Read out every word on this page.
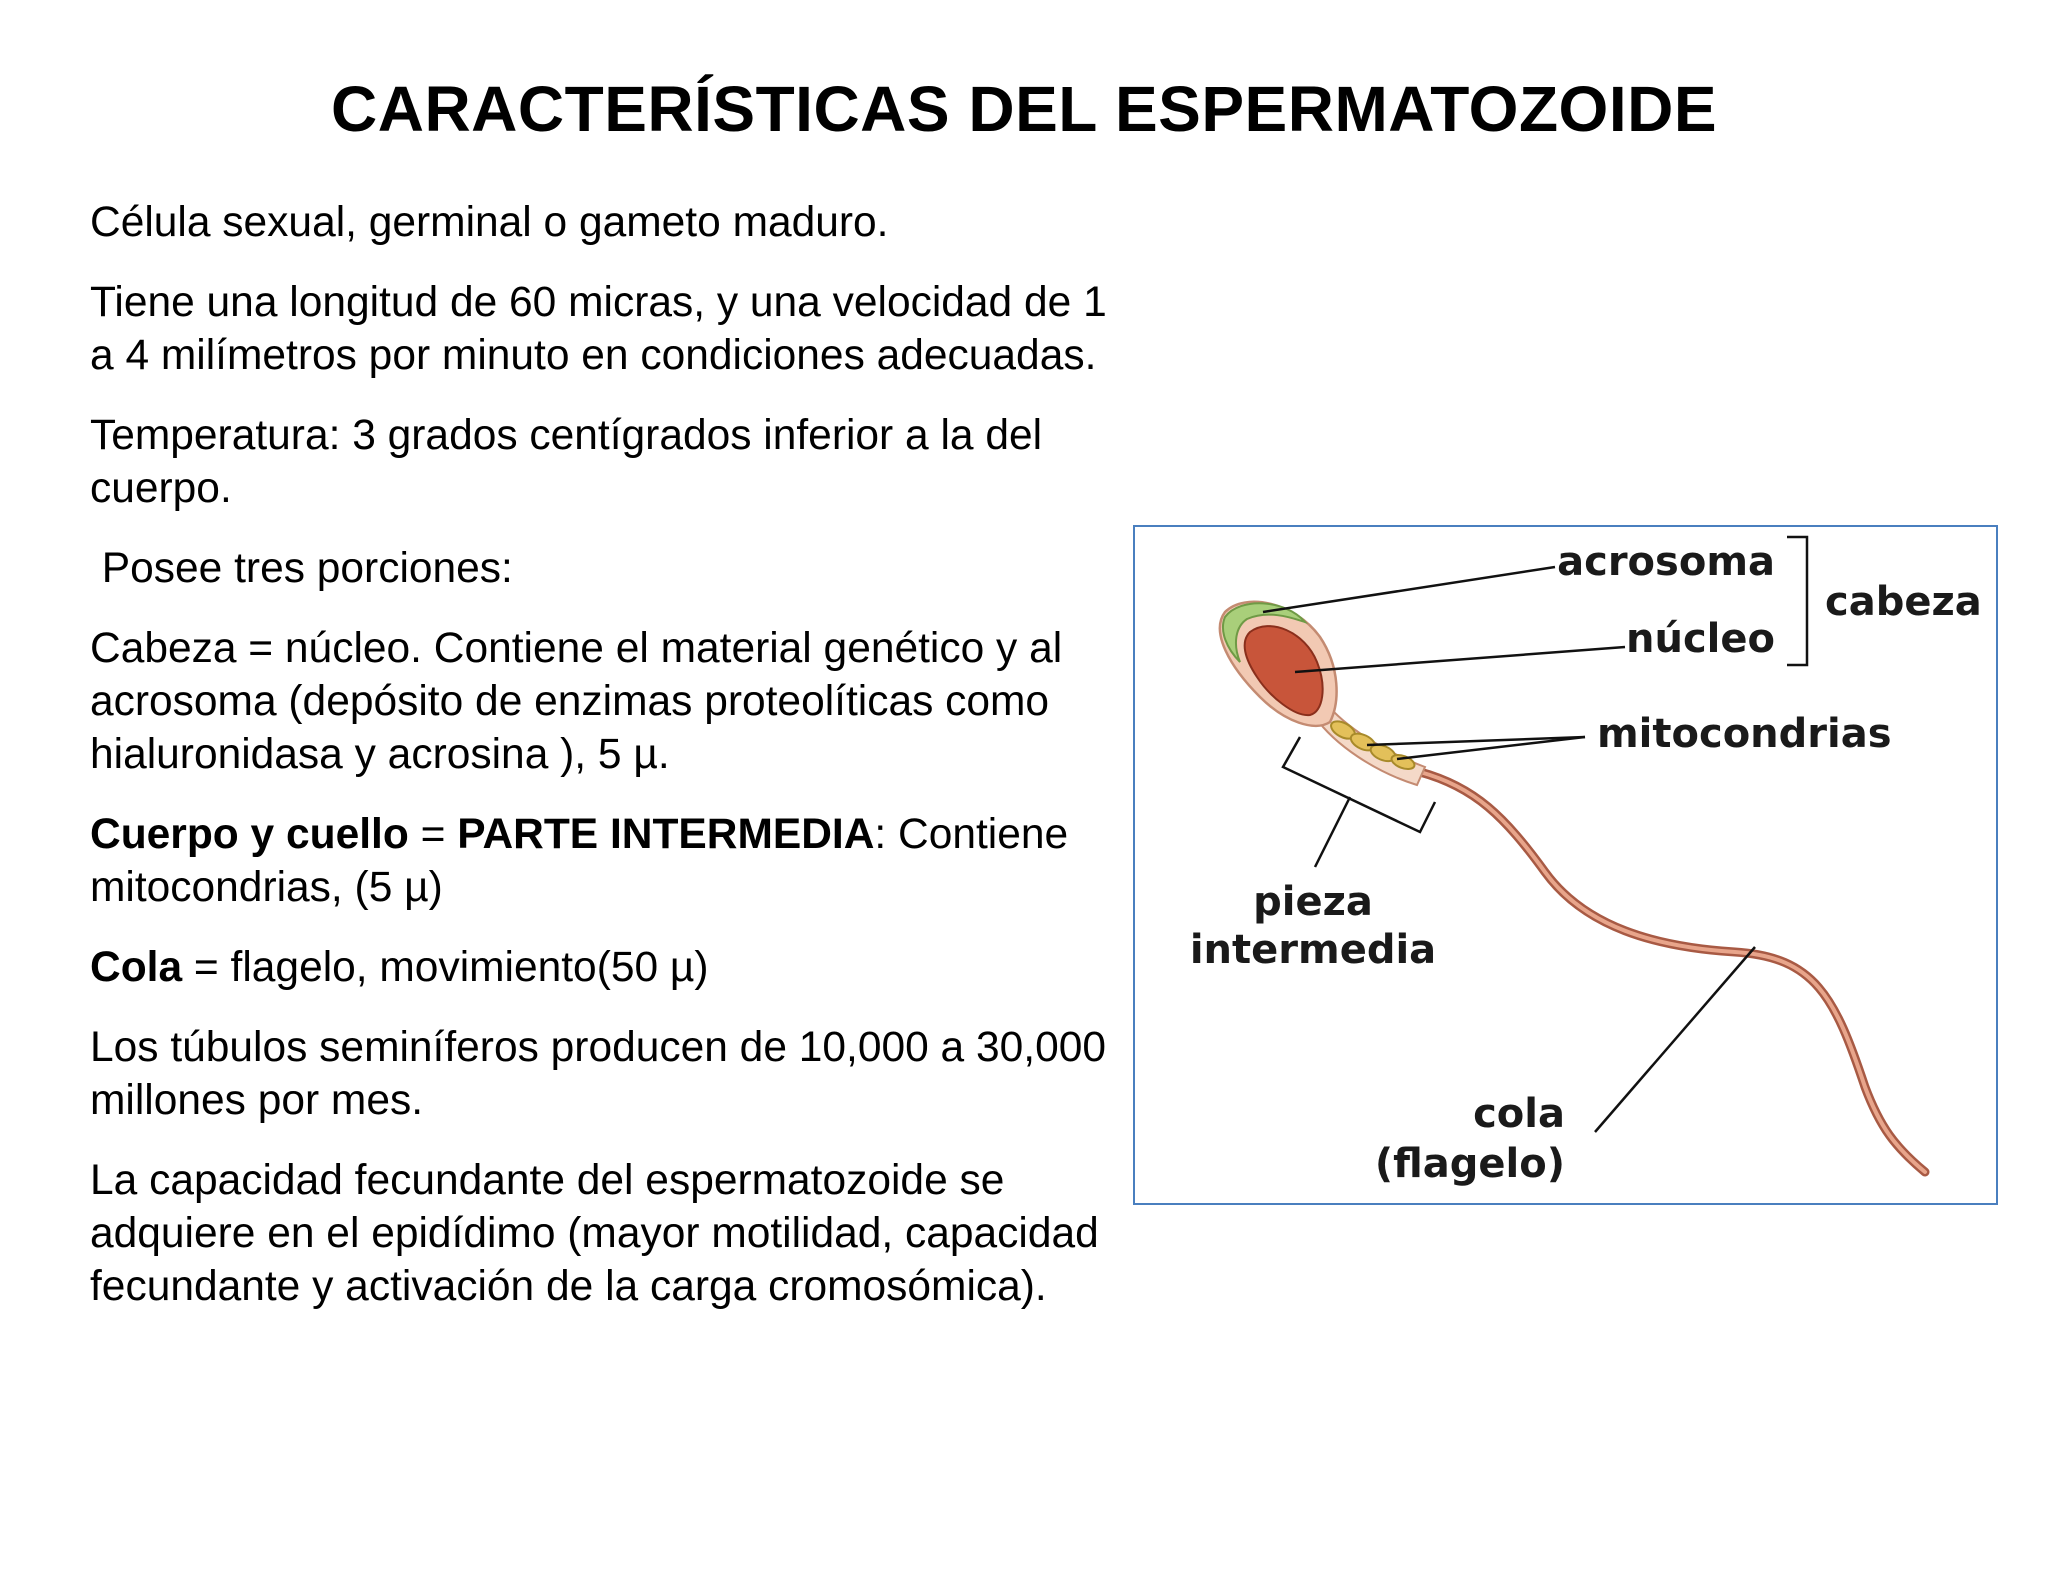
CARACTERÍSTICAS DEL ESPERMATOZOIDE

Célula sexual, germinal o gameto maduro.

Tiene una longitud de 60 micras, y una velocidad de 1 a 4 milímetros por minuto en condiciones adecuadas.

Temperatura: 3 grados centígrados inferior a la del cuerpo.

Posee tres porciones:

Cabeza = núcleo. Contiene el material genético y al acrosoma (depósito de enzimas proteolíticas como hialuronidasa y acrosina ), 5 µ.

Cuerpo y cuello = PARTE INTERMEDIA: Contiene mitocondrias, (5 µ)

Cola = flagelo, movimiento(50 µ)

Los túbulos seminíferos producen de 10,000 a 30,000 millones por mes.

La capacidad fecundante del espermatozoide se adquiere en el epidídimo (mayor motilidad, capacidad fecundante y activación de la carga cromosómica).

acrosoma
núcleo
cabeza
mitocondrias
pieza
intermedia
cola
(flagelo)
